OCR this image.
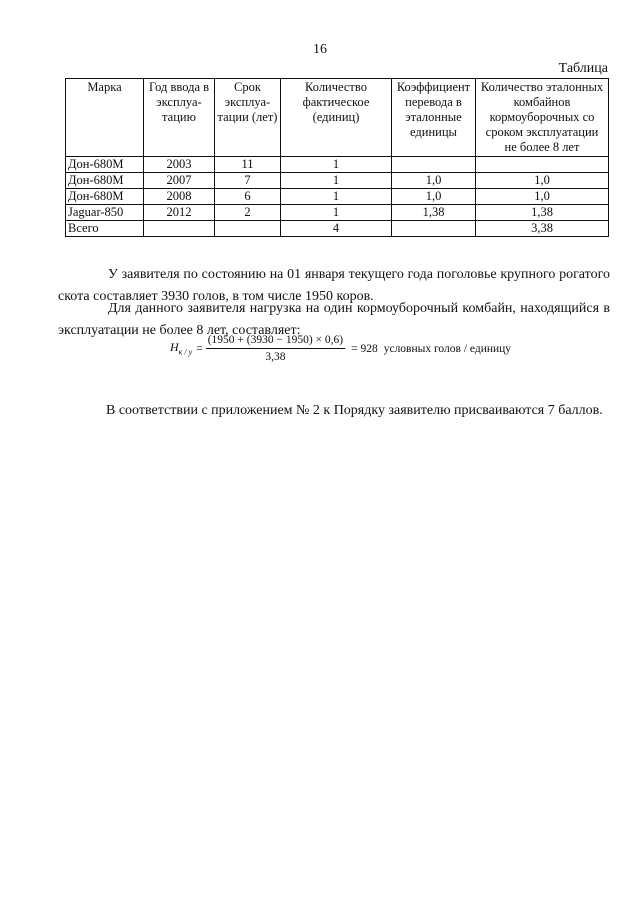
16
Таблица
Марка	Год ввода в эксплуа-тацию	Срок эксплуа-тации (лет)	Количество фактическое (единиц)	Коэффициент перевода в эталонные единицы	Количество эталонных комбайнов кормоуборочных со сроком эксплуатации не более 8 лет
Дон-680М	2003	11	1		
Дон-680М	2007	7	1	1,0	1,0
Дон-680М	2008	6	1	1,0	1,0
Jaguar-850	2012	2	1	1,38	1,38
Всего			4		3,38

У заявителя по состоянию на 01 января текущего года поголовье крупного рогатого скота составляет 3930 голов, в том числе 1950 коров.

Для данного заявителя нагрузка на один кормоуборочный комбайн, находящийся в эксплуатации не более 8 лет, составляет:

$Н_{к / у} = \frac{(1950 + (3930 - 1950) \times 0,6)}{3,38} = 928$ условных голов / единицу

В соответствии с приложением № 2 к Порядку заявителю присваиваются 7 баллов.
